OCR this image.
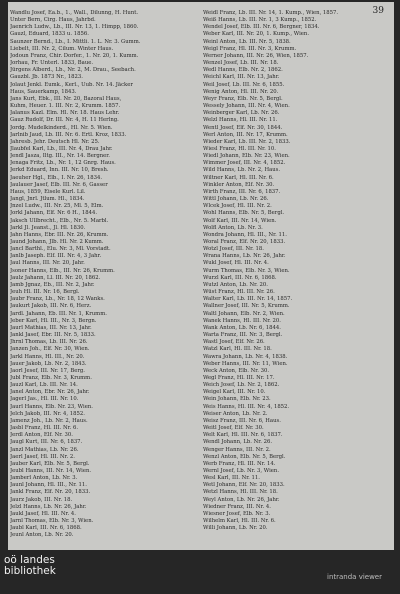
39
Wandlu Josef, Ea.b., 1., Wall., Dilunng, H. Hunt.
Unter Bern, Cirg. Haus, Jahrbd.
Jaenrich Ludw., Lb., III. Nr. 13, 1. Himpp, 1860.
Gauzl, Eduard, 1833 u. 1856.
Saunzer Bernd., Lb., I. Mittli. 1. L. Nr. 3. Gumm.
Liebelt, III. Nr. 2, Cilum. Winter Haus.
Jodoun Franz, Chir. Dorfer., 1. Nr. 20, 1. Kumm.
Jorhau, Fr. Unterl. 1833, Baue.
Jürgens Alberd., Lb., Nr. 2, M. Drau., Seebach.
Gauzbl. Jb. 1873 Nr., 1823.
Jolaut Jenkl. Eumk., Kerl., Uub. Nr. 14. Jäcker
Haus, Sauerkamp, 1843.
Jans Kurt, Ebk., III. Nr. 20, Bazoral Haus,
Kuhm, Heuer. 1. III. Nr. 2, Krumm. 1857.
Jalanus Kazl. Elm. Hl. Nr. 18. Haus Lehr.
Gauz Rudolf, Dr. III. Nr. 4, H. 11 Herlng.
Jordg. Mudelkinderd., Hl. Nr. 5. Wien.
Jarlnib Jaud, Lb. III. Nr. 6. Ertl. Kroz, 1833.
Jahresb. Jehr. Deutsch Hl. Nr. 25.
Jlaubfel Karl, Lb., III. Nr. 4, Drau Jahr.
Jendl Jasza, Iltg. III., Nr. 14. Bergner.
Jenaga Fritz, Lb., Nr. 1, 12 Gnrg. Haus.
Jerkd Eduard, Inn. III. Nr. 10, Bresh.
Jaeuher Hgl., Elb., I. Nr. 26, 1834.
Jaulauer Jasef, Elb. III. Nr. 6, Gasser
Haus, 1859, Eisele Kurl. Lil.
Jangl, Jnrl. Jtlum. Hl., 1834.
Jnzel Ludw., III. Nr. 25, Ml. 5, Elm.
Jorkl Jahann, Elf. Nr. 6 H., 1844.
Jaksch Ullbrecht., Elb., Nr. 5. Marbl.
Jarkl Jl. Jeanst., Jl. Hl. 1830.
Jahn Hanns, Ebr. III. Nr. 26, Krumm.
Jaund Johann, Jlb. Hl. Nr. 2 Kumm.
Jancl Barthl., Elu. Nr. 3, Ml. Vorstadt.
Janlb Jaseph. Elf. III. Nr. 4, 3 Jahr.
Jaul Hanns, III. Nr. 20, Jahr.
Jsoner Hanns, Elb., III. Nr. 26, Krumm.
Jaulz Jahann, Ll. III. Nr. 20, 1862.
Jamb Jgnaz, Eb., III. Nr. 2, Jahr.
Jeuh Hl. III. Nr. 16, Bergl.
Jaubr Franz, Lb., Nr. 18, 12 Wanks.
Jaukurt Jakob, III. Nr. 6, Herz.
Jardl. Jahann, Eb. III. Nr. 1, Krumm.
Jeber Karl, Hl. III., Nr. 3, Bergn.
Jaurl Mathias, III. Nr. 13, Jahr.
Jankl Jasef, Ebr. III. Nr. 5, 1833.
Jhrnl Thomas, Lb. III. Nr. 26.
Janzen Joh., Elf. Nr. 30, Wien.
Jarkl Hanns, Hl. III., Nr. 20.
Jauer Jakob, Lb. Nr. 2, 1843.
Jaorl Jesef, III. Nr. 17, Berg.
Jubl Franz, Elb. Nr. 3, Krumm.
Jauzl Karl, Lb. III. Nr. 14.
Janel Anton, Ebr. Nr. 26, Jahr.
Jagerl Jas., Hl. III. Nr. 10.
Jaurl Hanns, Elb. Nr. 23, Wien.
Jelch Jakob, III. Nr. 4, 1852.
Jamenz Joh., Lb. Nr. 2, Haus.
Jasbl Franz, Hl. III. Nr. 6.
Jerdl Anton, Elf. Nr. 30.
Jaugl Kurt, III. Nr. 6, 1837.
Janzl Mathias, Lb. Nr. 26.
Jaerl Jasef, Hl. III. Nr. 2.
Jauber Karl, Elb. Nr. 5, Bergl.
Jeubl Hanns, III. Nr. 14, Wien.
Jamberl Anton, Lb. Nr. 3.
Jaunl Johann, Hl. III., Nr. 11.
Jankl Franz, Elf. Nr. 20, 1833.
Jaurz Jakob, III. Nr. 18.
Jelzl Hanns, Lb. Nr. 26, Jahr.
Jaukl Jasef, Hl. III. Nr. 4.
Jarnl Thomas, Elb. Nr. 3, Wien.
Jaubl Karl, III. Nr. 6, 1868.
Jeunl Anton, Lb. Nr. 20.
Weidl Franz, Lb. III. Nr. 14, 1. Kump., Wien, 1857.
Weiß Hanns, Lb. III. Nr. 1, 3 Kump., 1852.
Wendel Josef, Elb. III. Nr. 6, Bergner, 1834.
Weber Karl, III. Nr. 20, 1. Kump., Wien.
Weinl Anton, Lb. III. Nr. 5, 1838.
Weigl Franz, Hl. III. Nr. 3, Krumm.
Werner Johann, III. Nr. 26, Wien, 1857.
Wenzel Josef, Lb. III. Nr. 18.
Wedl Hanns, Elb. Nr. 2, 1862.
Weichl Karl, III. Nr. 13, Jahr.
Weil Josef, Lb. III. Nr. 6, 1855.
Wenig Anton, Hl. III. Nr. 20.
Weyr Franz, Elb. Nr. 5, Bergl.
Wessely Johann, III. Nr. 4, Wien.
Weinberger Karl, Lb. Nr. 26.
Welzl Hanns, Hl. III. Nr. 11.
Wentl Josef, Elf. Nr. 30, 1844.
Werl Anton, III. Nr. 17, Krumm.
Wieder Karl, Lb. III. Nr. 2, 1833.
Wiesl Franz, Hl. III. Nr. 10.
Wiedl Johann, Elb. Nr. 23, Wien.
Wimmer Josef, III. Nr. 4, 1852.
Wild Hanns, Lb. Nr. 2, Haus.
Wiltner Karl, Hl. III. Nr. 6.
Winkler Anton, Elf. Nr. 30.
Wirth Franz, III. Nr. 6, 1837.
Wittl Johann, Lb. Nr. 26.
Wlcek Josef, Hl. III. Nr. 2.
Wohl Hanns, Elb. Nr. 5, Bergl.
Wolf Karl, III. Nr. 14, Wien.
Wolfl Anton, Lb. Nr. 3.
Wondra Johann, Hl. III., Nr. 11.
Woral Franz, Elf. Nr. 20, 1833.
Wotzl Josef, III. Nr. 18.
Wrana Hanns, Lb. Nr. 26, Jahr.
Wukl Josef, Hl. III. Nr. 4.
Wurm Thomas, Elb. Nr. 3, Wien.
Wurzl Karl, III. Nr. 6, 1868.
Wutzl Anton, Lb. Nr. 20.
Wüst Franz, Hl. III. Nr. 26.
Walter Karl, Lb. III. Nr. 14, 1857.
Wallner Josef, III. Nr. 5, Krumm.
Waltl Johann, Elb. Nr. 2, Wien.
Wanek Hanns, Hl. III. Nr. 20.
Wank Anton, Lb. Nr. 6, 1844.
Warta Franz, III. Nr. 3, Bergl.
Wastl Josef, Elf. Nr. 26.
Watzl Karl, Hl. III. Nr. 18.
Wawra Johann, Lb. Nr. 4, 1838.
Weber Hanns, III. Nr. 11, Wien.
Weck Anton, Elb. Nr. 30.
Wegl Franz, Hl. III. Nr. 17.
Weich Josef, Lb. Nr. 2, 1862.
Weigel Karl, III. Nr. 10.
Wein Johann, Elb. Nr. 23.
Weis Hanns, Hl. III. Nr. 4, 1852.
Weiser Anton, Lb. Nr. 2.
Weisz Franz, III. Nr. 6, Haus.
Weitl Josef, Elf. Nr. 30.
Welt Karl, Hl. III. Nr. 6, 1837.
Wendl Johann, Lb. Nr. 26.
Wenger Hanns, III. Nr. 2.
Wenzl Anton, Elb. Nr. 5, Bergl.
Werb Franz, Hl. III. Nr. 14.
Wernl Josef, Lb. Nr. 3, Wien.
Wesl Karl, III. Nr. 11.
Wetl Johann, Elf. Nr. 20, 1833.
Wetzl Hanns, Hl. III. Nr. 18.
Weyl Anton, Lb. Nr. 26, Jahr.
Wiedner Franz, III. Nr. 4.
Wiesner Josef, Elb. Nr. 3.
Wilhelm Karl, Hl. III. Nr. 6.
Willi Johann, Lb. Nr. 20.
oö landes
bibliothek	intranda viewer
